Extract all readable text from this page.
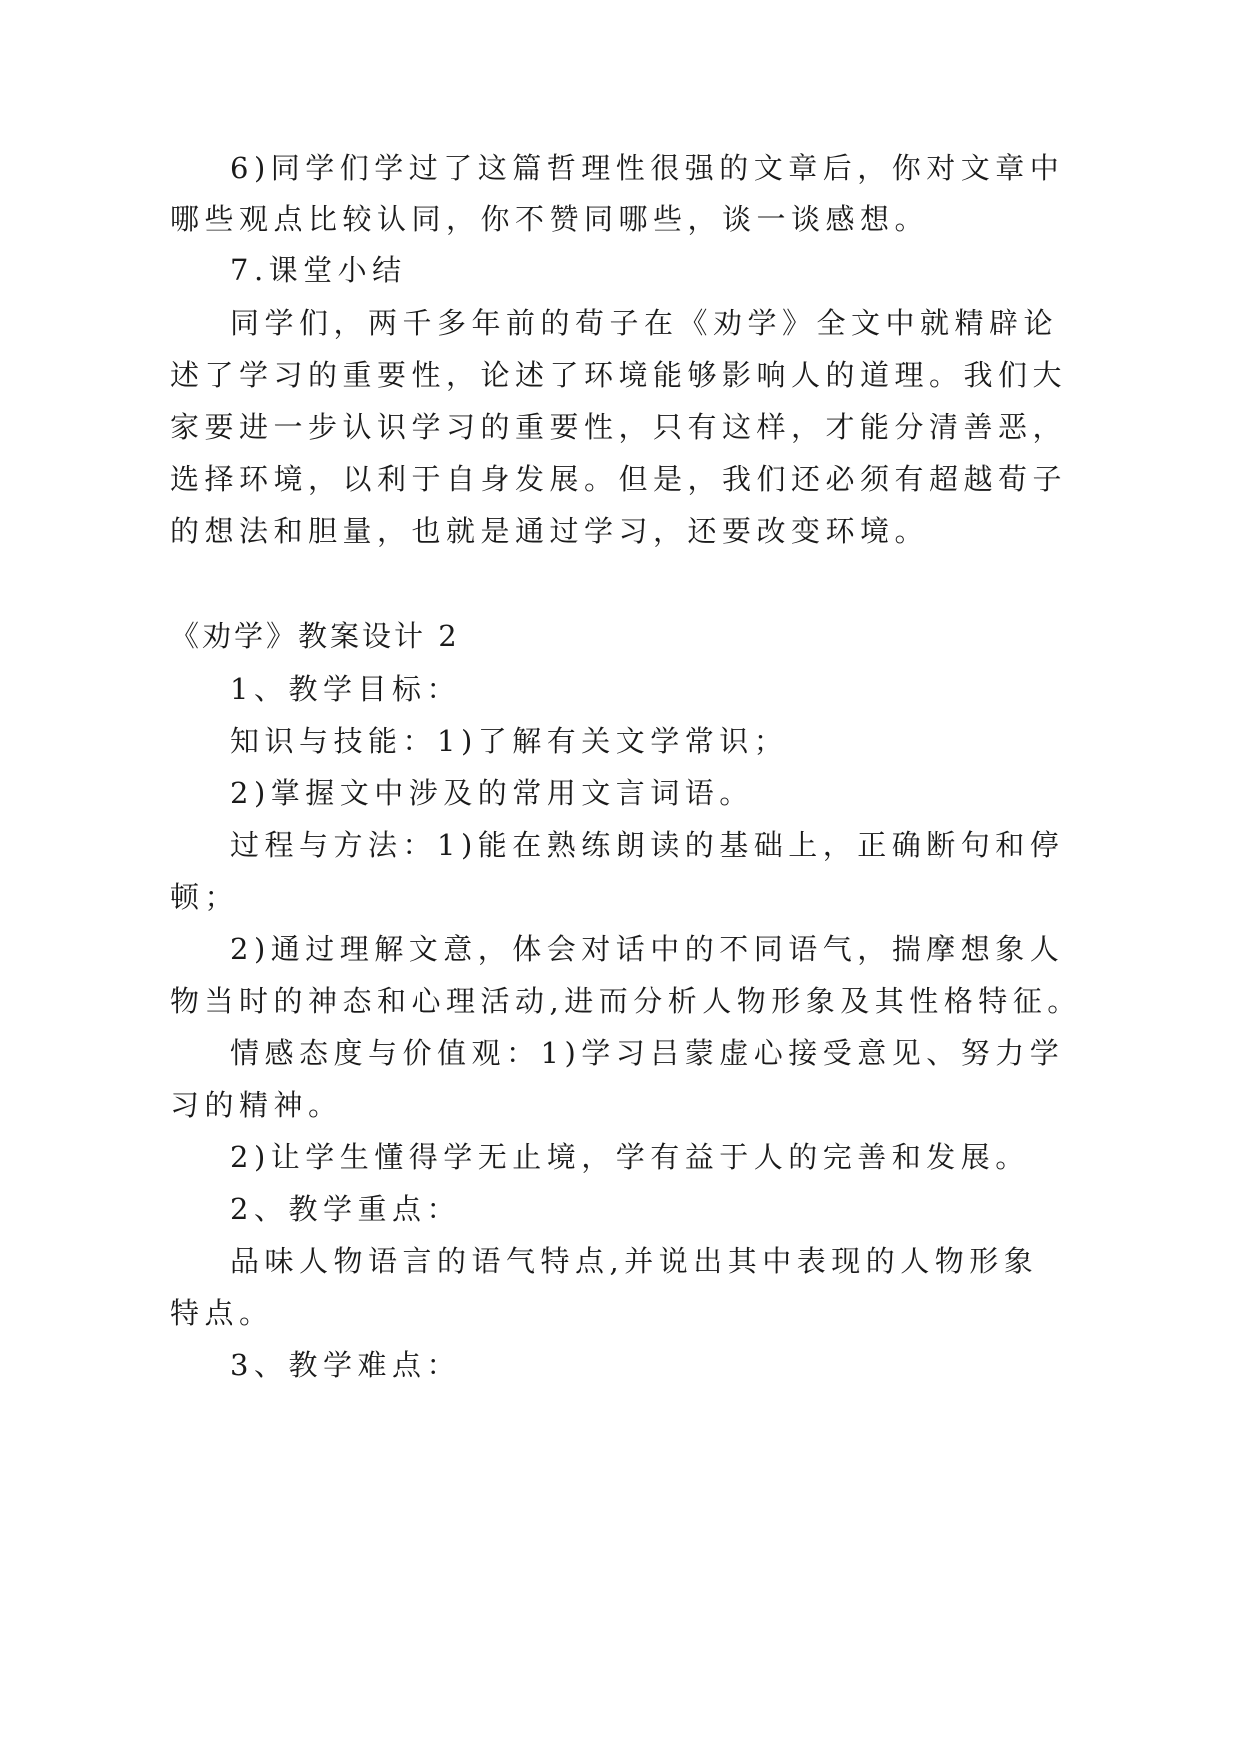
6)同学们学过了这篇哲理性很强的文章后，你对文章中
哪些观点比较认同，你不赞同哪些，谈一谈感想。
7.课堂小结
同学们，两千多年前的荀子在《劝学》全文中就精辟论
述了学习的重要性，论述了环境能够影响人的道理。我们大
家要进一步认识学习的重要性，只有这样，才能分清善恶，
选择环境，以利于自身发展。但是，我们还必须有超越荀子
的想法和胆量，也就是通过学习，还要改变环境。
《劝学》教案设计 2
1、教学目标：
知识与技能：1)了解有关文学常识；
2)掌握文中涉及的常用文言词语。
过程与方法：1)能在熟练朗读的基础上，正确断句和停
顿；
2)通过理解文意，体会对话中的不同语气，揣摩想象人
物当时的神态和心理活动,进而分析人物形象及其性格特征。
情感态度与价值观：1)学习吕蒙虚心接受意见、努力学
习的精神。
2)让学生懂得学无止境，学有益于人的完善和发展。
2、教学重点：
品味人物语言的语气特点,并说出其中表现的人物形象
特点。
3、教学难点：
